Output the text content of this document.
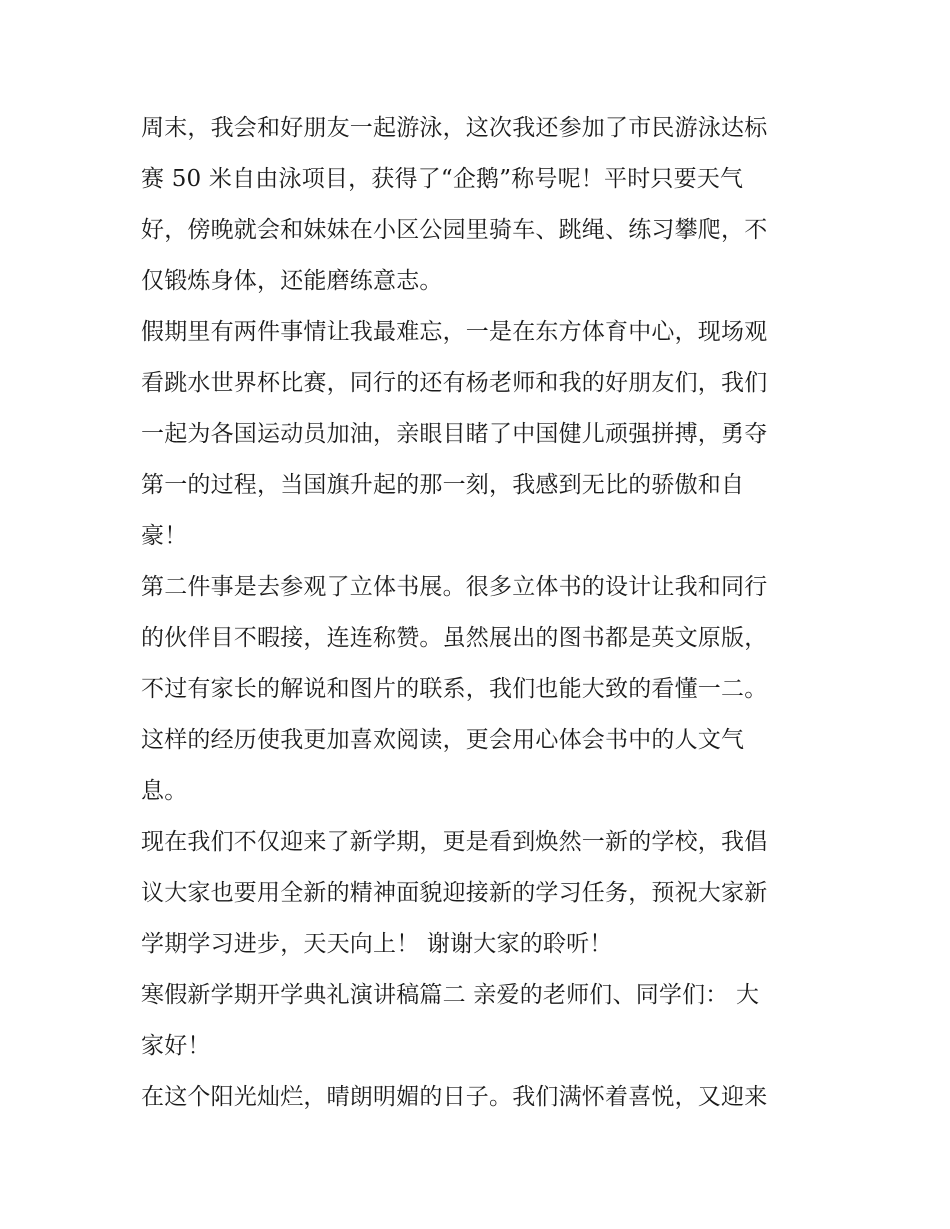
周末，我会和好朋友一起游泳，这次我还参加了市民游泳达标
赛 50 米自由泳项目，获得了“企鹅”称号呢！平时只要天气
好，傍晚就会和妹妹在小区公园里骑车、跳绳、练习攀爬，不
仅锻炼身体，还能磨练意志。
假期里有两件事情让我最难忘，一是在东方体育中心，现场观
看跳水世界杯比赛，同行的还有杨老师和我的好朋友们，我们
一起为各国运动员加油，亲眼目睹了中国健儿顽强拼搏，勇夺
第一的过程，当国旗升起的那一刻，我感到无比的骄傲和自
豪！
第二件事是去参观了立体书展。很多立体书的设计让我和同行
的伙伴目不暇接，连连称赞。虽然展出的图书都是英文原版，
不过有家长的解说和图片的联系，我们也能大致的看懂一二。
这样的经历使我更加喜欢阅读，更会用心体会书中的人文气
息。
现在我们不仅迎来了新学期，更是看到焕然一新的学校，我倡
议大家也要用全新的精神面貌迎接新的学习任务，预祝大家新
学期学习进步，天天向上！ 谢谢大家的聆听！
寒假新学期开学典礼演讲稿篇二 亲爱的老师们、同学们： 大
家好！
在这个阳光灿烂，晴朗明媚的日子。我们满怀着喜悦，又迎来
